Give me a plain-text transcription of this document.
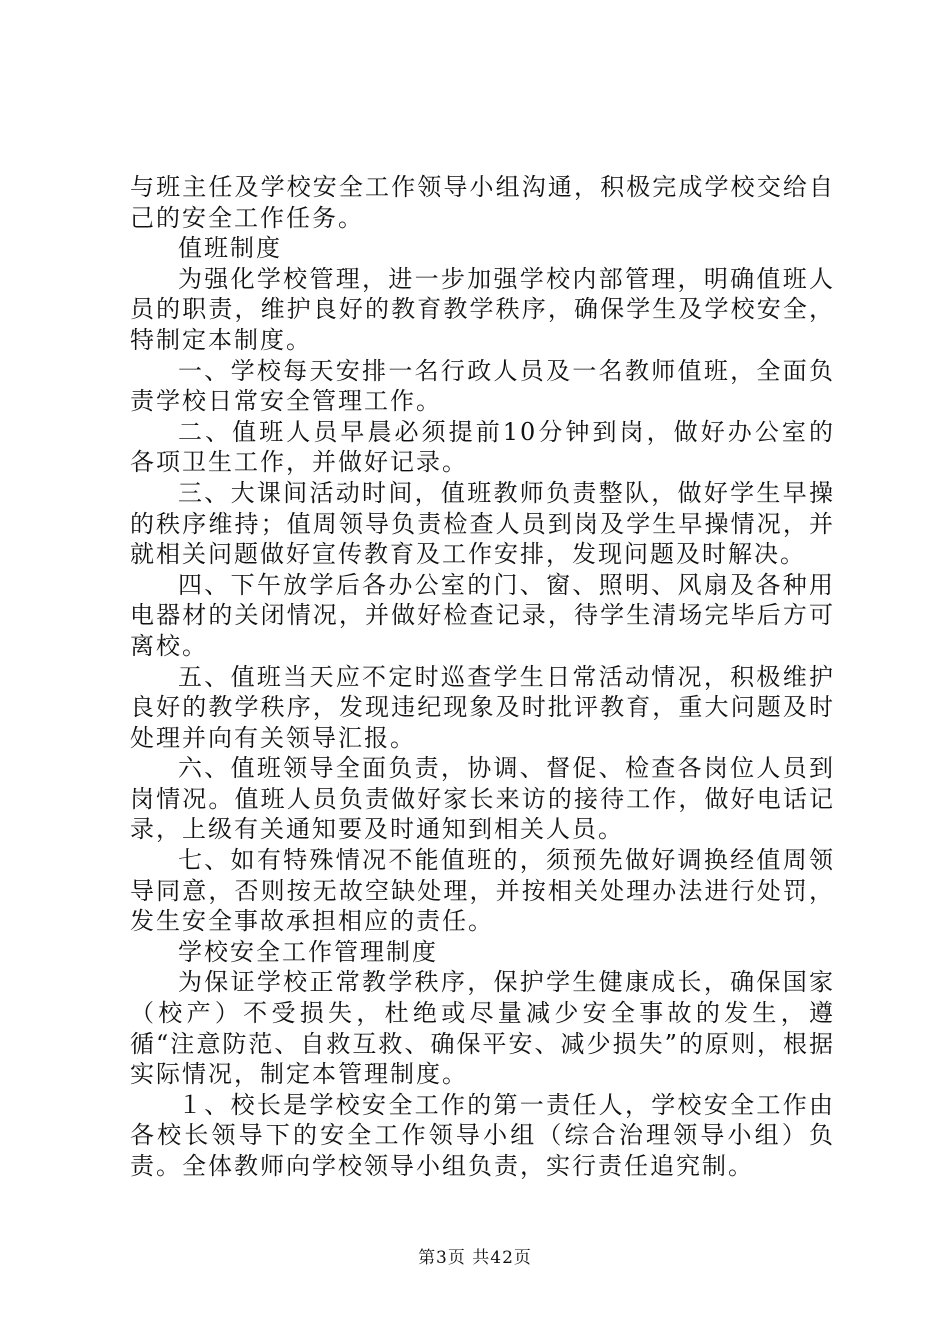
与班主任及学校安全工作领导小组沟通，积极完成学校交给自己的安全工作任务。

值班制度

为强化学校管理，进一步加强学校内部管理，明确值班人员的职责，维护良好的教育教学秩序，确保学生及学校安全，特制定本制度。

一、学校每天安排一名行政人员及一名教师值班，全面负责学校日常安全管理工作。

二、值班人员早晨必须提前10分钟到岗，做好办公室的各项卫生工作，并做好记录。

三、大课间活动时间，值班教师负责整队，做好学生早操的秩序维持；值周领导负责检查人员到岗及学生早操情况，并就相关问题做好宣传教育及工作安排，发现问题及时解决。

四、下午放学后各办公室的门、窗、照明、风扇及各种用电器材的关闭情况，并做好检查记录，待学生清场完毕后方可离校。

五、值班当天应不定时巡查学生日常活动情况，积极维护良好的教学秩序，发现违纪现象及时批评教育，重大问题及时处理并向有关领导汇报。

六、值班领导全面负责，协调、督促、检查各岗位人员到岗情况。值班人员负责做好家长来访的接待工作，做好电话记录，上级有关通知要及时通知到相关人员。

七、如有特殊情况不能值班的，须预先做好调换经值周领导同意，否则按无故空缺处理，并按相关处理办法进行处罚，发生安全事故承担相应的责任。

学校安全工作管理制度

为保证学校正常教学秩序，保护学生健康成长，确保国家（校产）不受损失，杜绝或尽量减少安全事故的发生，遵循“注意防范、自救互救、确保平安、减少损失”的原则，根据实际情况，制定本管理制度。

１、校长是学校安全工作的第一责任人，学校安全工作由各校长领导下的安全工作领导小组（综合治理领导小组）负责。全体教师向学校领导小组负责，实行责任追究制。

第3页 共42页
